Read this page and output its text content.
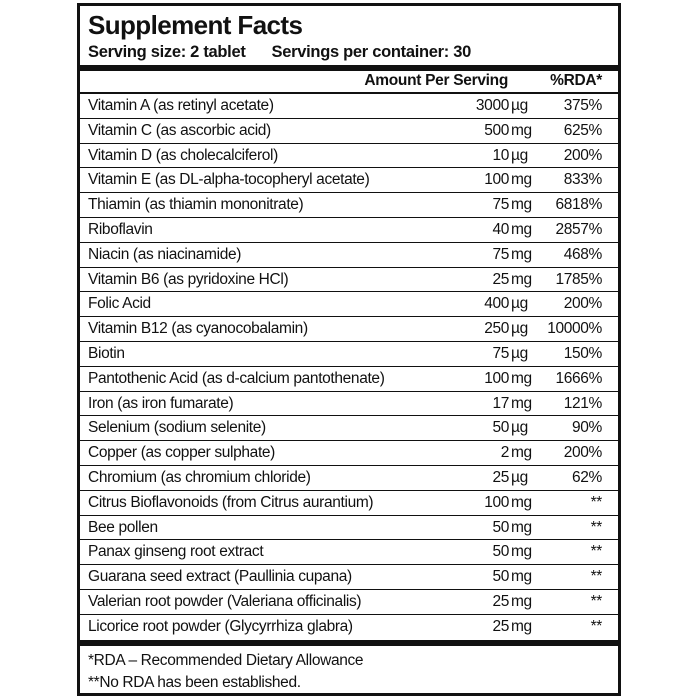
Supplement Facts
Serving size: 2 tablet Servings per container: 30
Amount Per Serving	%RDA*
Vitamin A (as retinyl acetate)	3000 µg 375%
Vitamin C (as ascorbic acid)	500 mg 625%
Vitamin D (as cholecalciferol)	10 µg 200%
Vitamin E (as DL-alpha-tocopheryl acetate)	100 mg 833%
Thiamin (as thiamin mononitrate)	75 mg 6818%
Riboflavin	40 mg 2857%
Niacin (as niacinamide)	75 mg 468%
Vitamin B6 (as pyridoxine HCl)	25 mg 1785%
Folic Acid	400 µg 200%
Vitamin B12 (as cyanocobalamin)	250 µg 10000%
Biotin	75 µg 150%
Pantothenic Acid (as d-calcium pantothenate)	100 mg 1666%
Iron (as iron fumarate)	17 mg 121%
Selenium (sodium selenite)	50 µg	90%
Copper (as copper sulphate)	2 mg 200%
Chromium (as chromium chloride)	25 µg	62%
Citrus Bioflavonoids (from Citrus aurantium)	100 mg	**
Bee pollen	50 mg	**
Panax ginseng root extract	50 mg	**
Guarana seed extract (Paullinia cupana)	50 mg	**
Valerian root powder (Valeriana officinalis)	25 mg	**
Licorice root powder (Glycyrrhiza glabra)	25 mg	**
*RDA – Recommended Dietary Allowance
**No RDA has been established.
